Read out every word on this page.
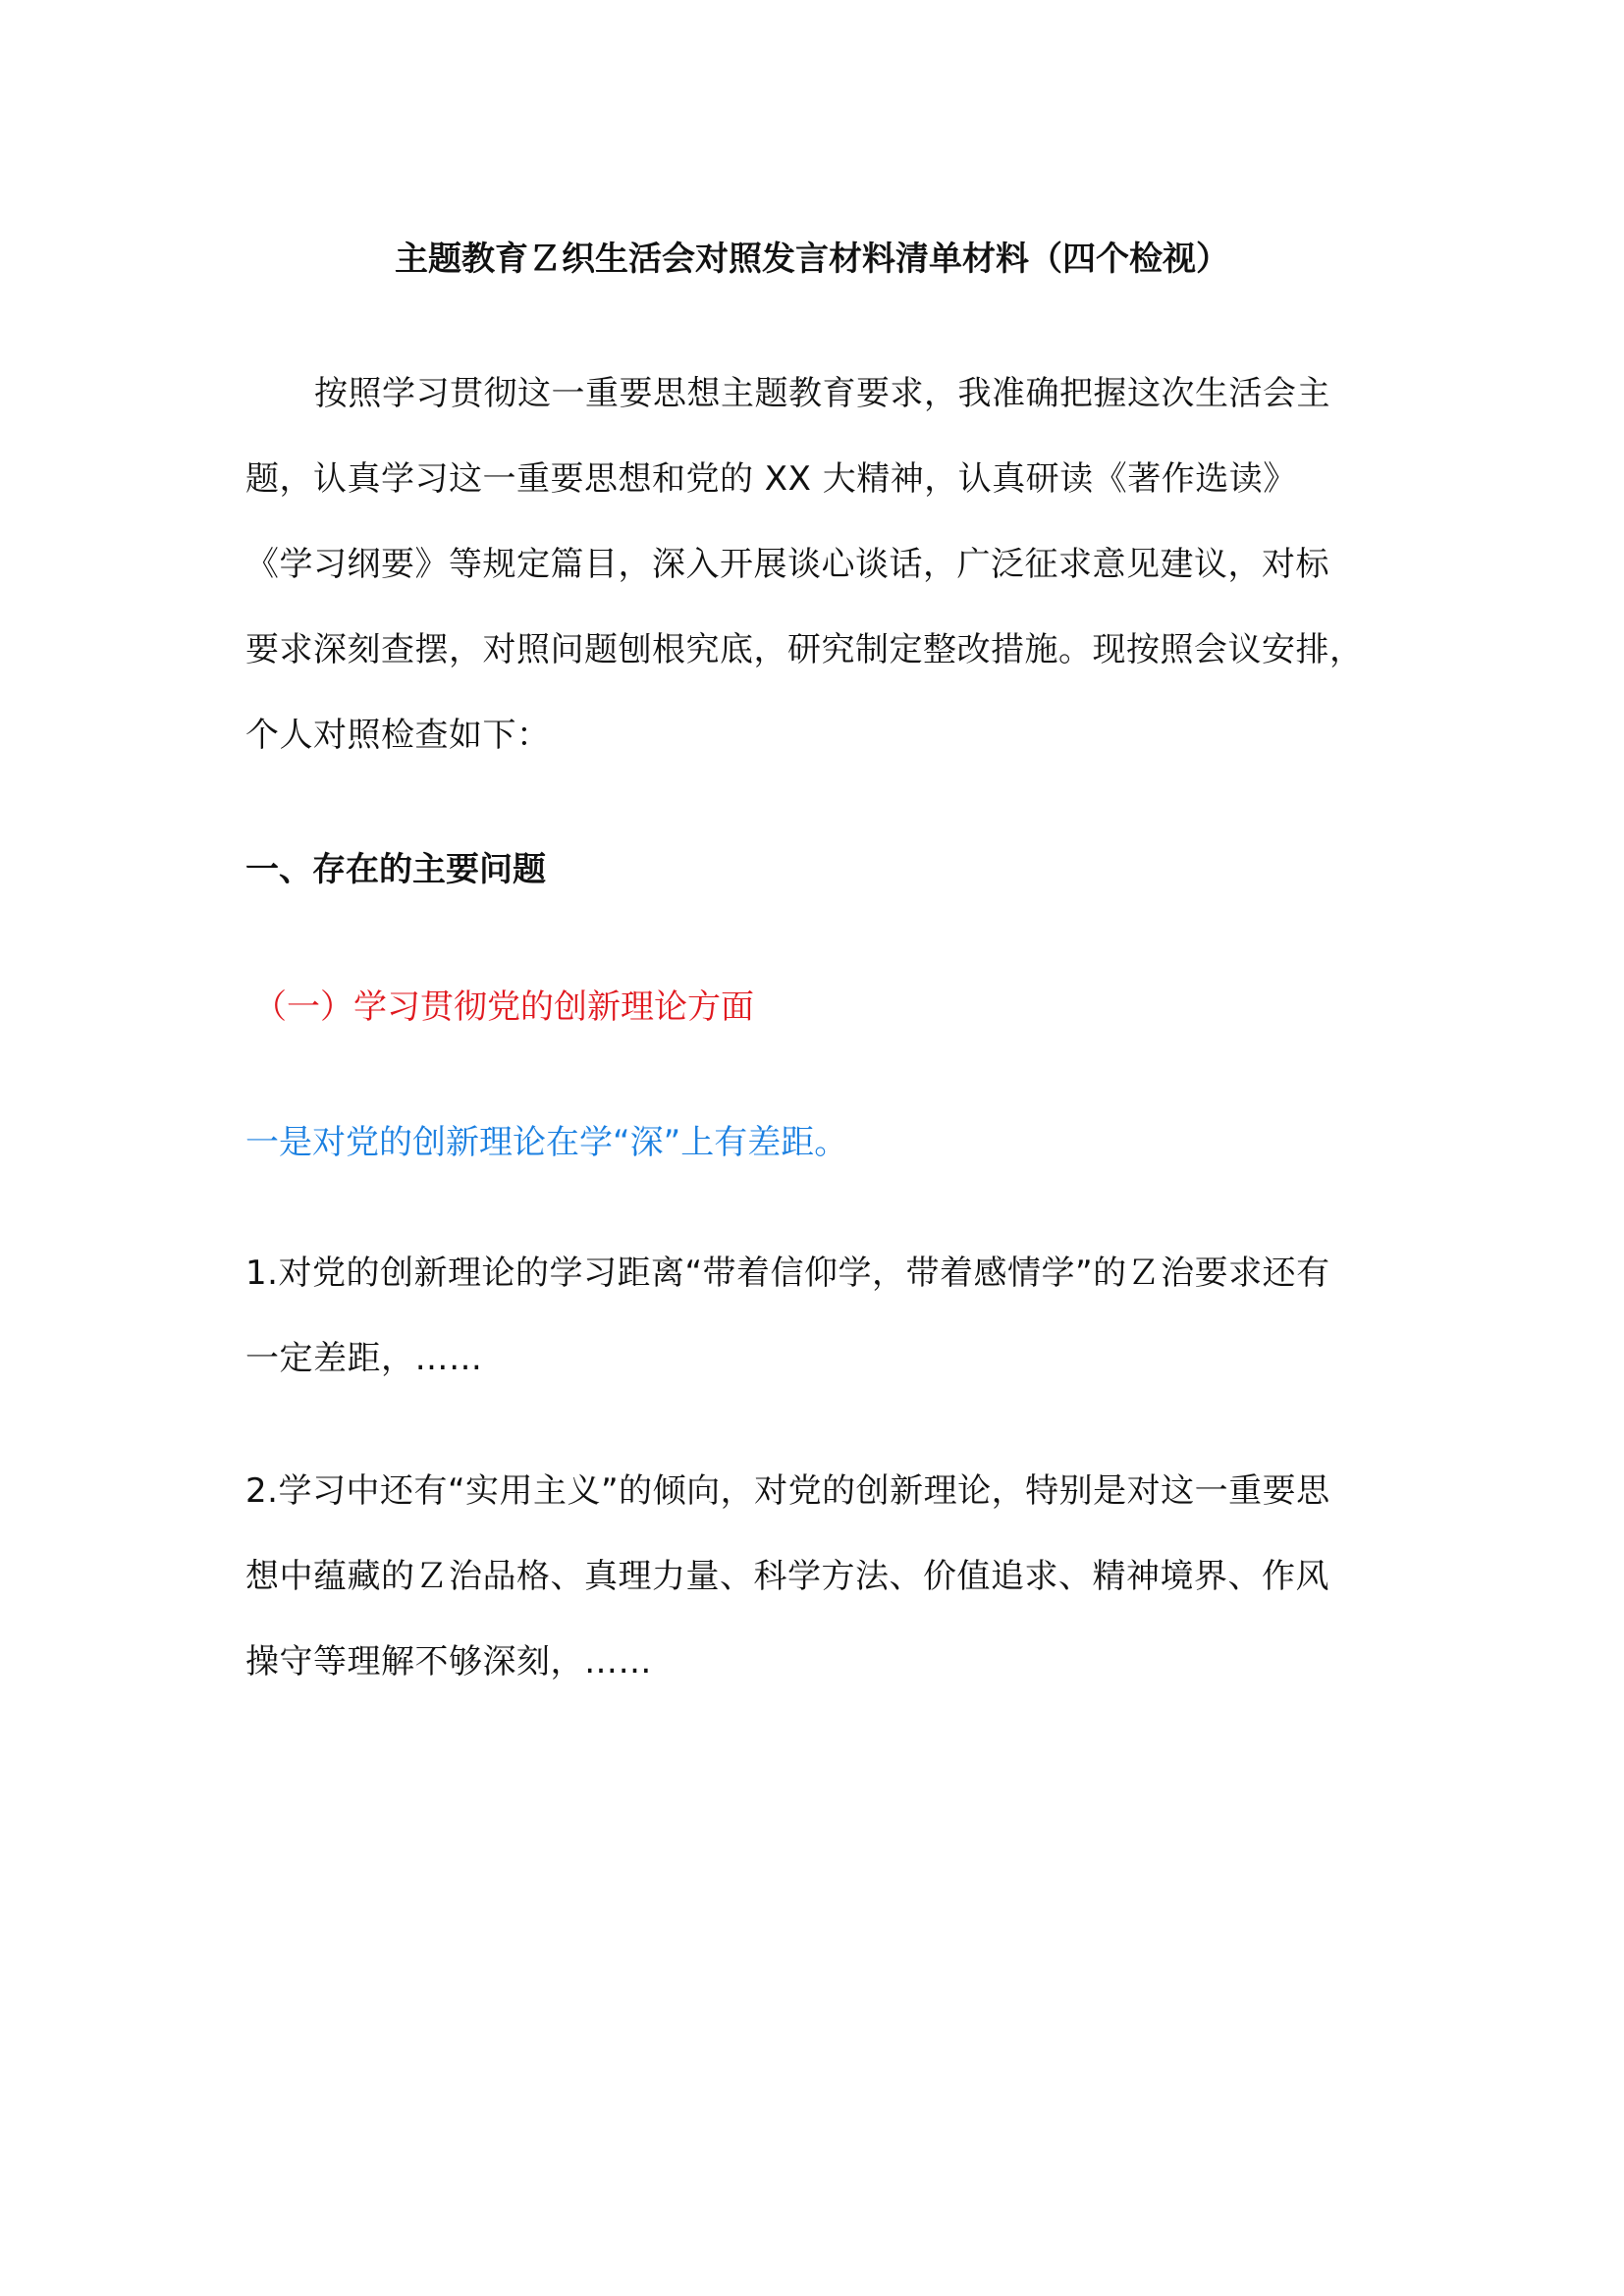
主题教育Ｚ织生活会对照发言材料清单材料（四个检视）
按照学习贯彻这一重要思想主题教育要求，我准确把握这次生活会主
题，认真学习这一重要思想和党的 XX 大精神，认真研读《著作选读》
《学习纲要》等规定篇目，深入开展谈心谈话，广泛征求意见建议，对标
要求深刻查摆，对照问题刨根究底，研究制定整改措施。现按照会议安排，
个人对照检查如下：
一、存在的主要问题
（一）学习贯彻党的创新理论方面
一是对党的创新理论在学“深”上有差距。
1.对党的创新理论的学习距离“带着信仰学，带着感情学”的Ｚ治要求还有
一定差距，……
2.学习中还有“实用主义”的倾向，对党的创新理论，特别是对这一重要思
想中蕴藏的Ｚ治品格、真理力量、科学方法、价值追求、精神境界、作风
操守等理解不够深刻，……
